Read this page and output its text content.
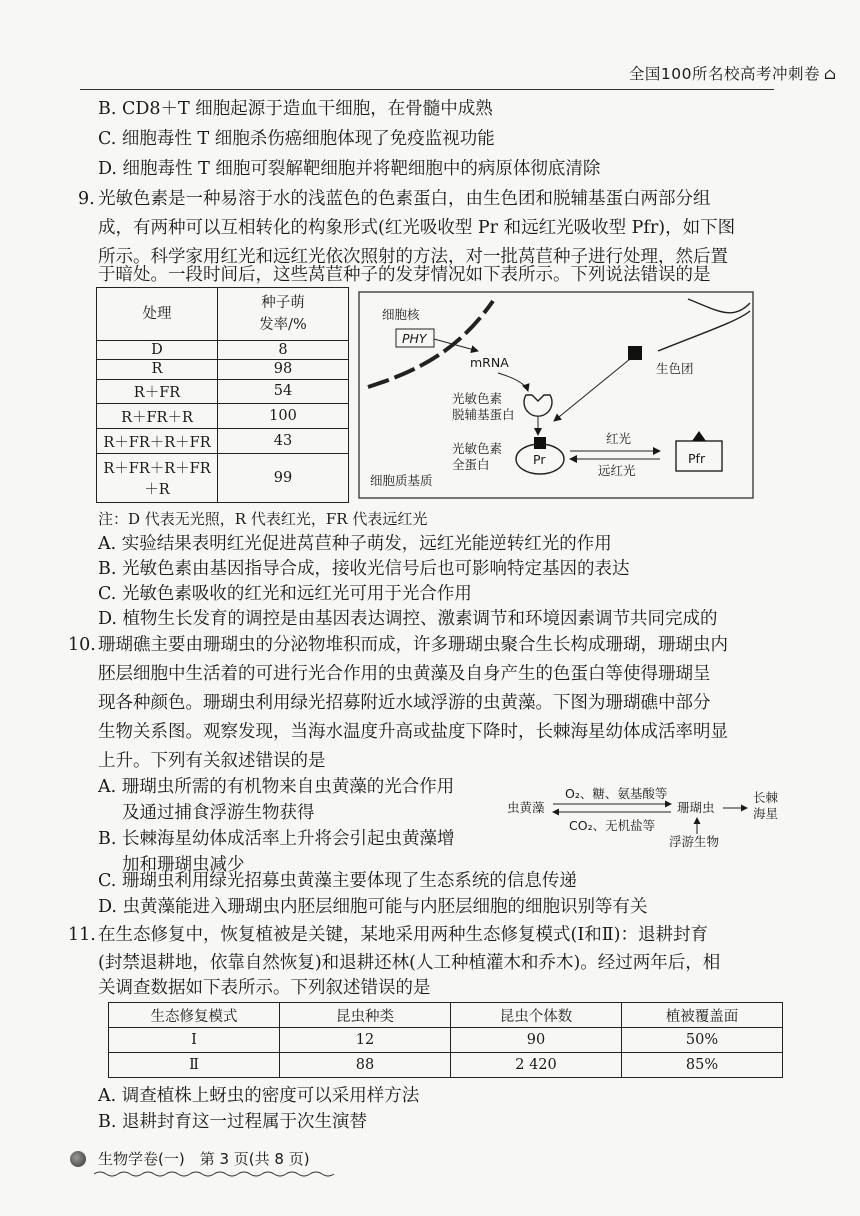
全国100所名校高考冲刺卷 ⌂
B. CD8＋T 细胞起源于造血干细胞，在骨髓中成熟
C. 细胞毒性 T 细胞杀伤癌细胞体现了免疫监视功能
D. 细胞毒性 T 细胞可裂解靶细胞并将靶细胞中的病原体彻底清除
9. 光敏色素是一种易溶于水的浅蓝色的色素蛋白，由生色团和脱辅基蛋白两部分组
成，有两种可以互相转化的构象形式(红光吸收型 Pr 和远红光吸收型 Pfr)，如下图
所示。科学家用红光和远红光依次照射的方法，对一批莴苣种子进行处理，然后置
于暗处。一段时间后，这些莴苣种子的发芽情况如下表所示。下列说法错误的是
处理	种子萌
发率/%

D	8
R	98
R＋FR	54
R＋FR＋R	100
R＋FR＋R＋FR	43
R＋FR＋R＋FR＋R	99
细胞核
PHY
mRNA
光敏色素
脱辅基蛋白
生色团
Pr
光敏色素
全蛋白
红光
远红光
Pfr
细胞质基质
注：D 代表无光照，R 代表红光，FR 代表远红光
A. 实验结果表明红光促进莴苣种子萌发，远红光能逆转红光的作用
B. 光敏色素由基因指导合成，接收光信号后也可影响特定基因的表达
C. 光敏色素吸收的红光和远红光可用于光合作用
D. 植物生长发育的调控是由基因表达调控、激素调节和环境因素调节共同完成的
10. 珊瑚礁主要由珊瑚虫的分泌物堆积而成，许多珊瑚虫聚合生长构成珊瑚，珊瑚虫内
胚层细胞中生活着的可进行光合作用的虫黄藻及自身产生的色蛋白等使得珊瑚呈
现各种颜色。珊瑚虫利用绿光招募附近水域浮游的虫黄藻。下图为珊瑚礁中部分
生物关系图。观察发现，当海水温度升高或盐度下降时，长棘海星幼体成活率明显
上升。下列有关叙述错误的是
A. 珊瑚虫所需的有机物来自虫黄藻的光合作用
及通过捕食浮游生物获得
B. 长棘海星幼体成活率上升将会引起虫黄藻增
加和珊瑚虫减少
虫黄藻
O₂、糖、氨基酸等
CO₂、无机盐等
珊瑚虫
长棘
海星
浮游生物
C. 珊瑚虫利用绿光招募虫黄藻主要体现了生态系统的信息传递
D. 虫黄藻能进入珊瑚虫内胚层细胞可能与内胚层细胞的细胞识别等有关
11. 在生态修复中，恢复植被是关键，某地采用两种生态修复模式(Ⅰ和Ⅱ)：退耕封育
(封禁退耕地，依靠自然恢复)和退耕还林(人工种植灌木和乔木)。经过两年后，相
关调查数据如下表所示。下列叙述错误的是
生态修复模式	昆虫种类	昆虫个体数	植被覆盖面
Ⅰ	12	90	50%
Ⅱ	88	2 420	85%
A. 调查植株上蚜虫的密度可以采用样方法
B. 退耕封育这一过程属于次生演替
生物学卷(一)　第 3 页(共 8 页)
